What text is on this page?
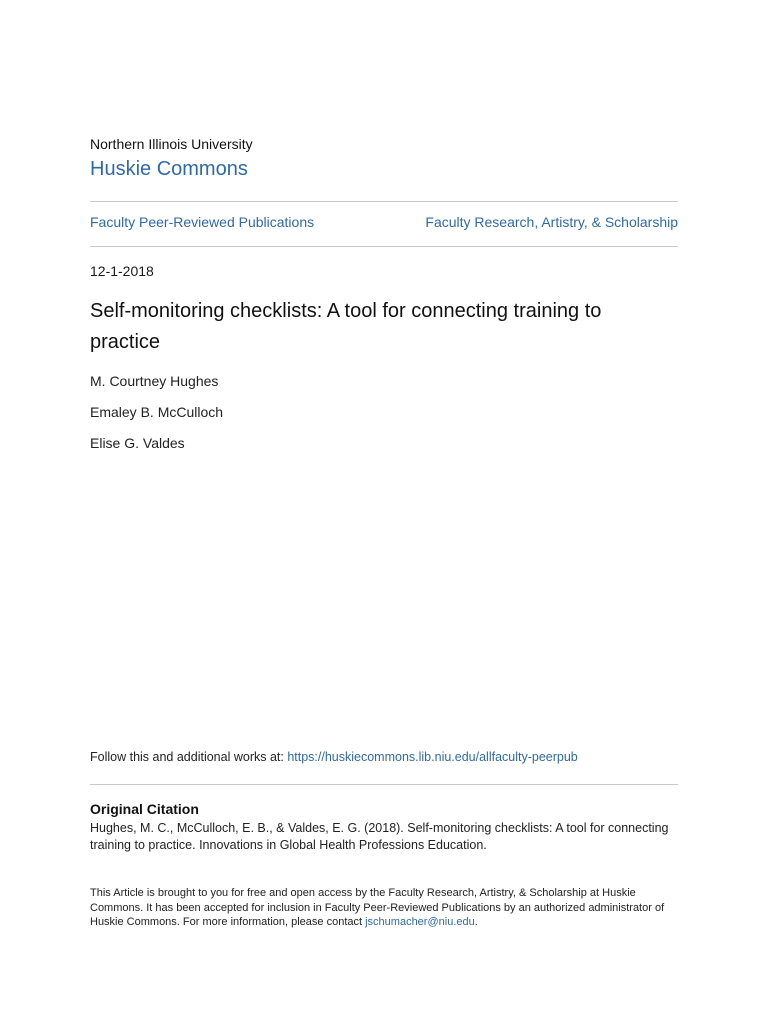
Northern Illinois University
Huskie Commons
Faculty Peer-Reviewed Publications	Faculty Research, Artistry, & Scholarship
12-1-2018
Self-monitoring checklists: A tool for connecting training to practice
M. Courtney Hughes
Emaley B. McCulloch
Elise G. Valdes
Follow this and additional works at: https://huskiecommons.lib.niu.edu/allfaculty-peerpub
Original Citation
Hughes, M. C., McCulloch, E. B., & Valdes, E. G. (2018). Self-monitoring checklists: A tool for connecting training to practice. Innovations in Global Health Professions Education.
This Article is brought to you for free and open access by the Faculty Research, Artistry, & Scholarship at Huskie Commons. It has been accepted for inclusion in Faculty Peer-Reviewed Publications by an authorized administrator of Huskie Commons. For more information, please contact jschumacher@niu.edu.
